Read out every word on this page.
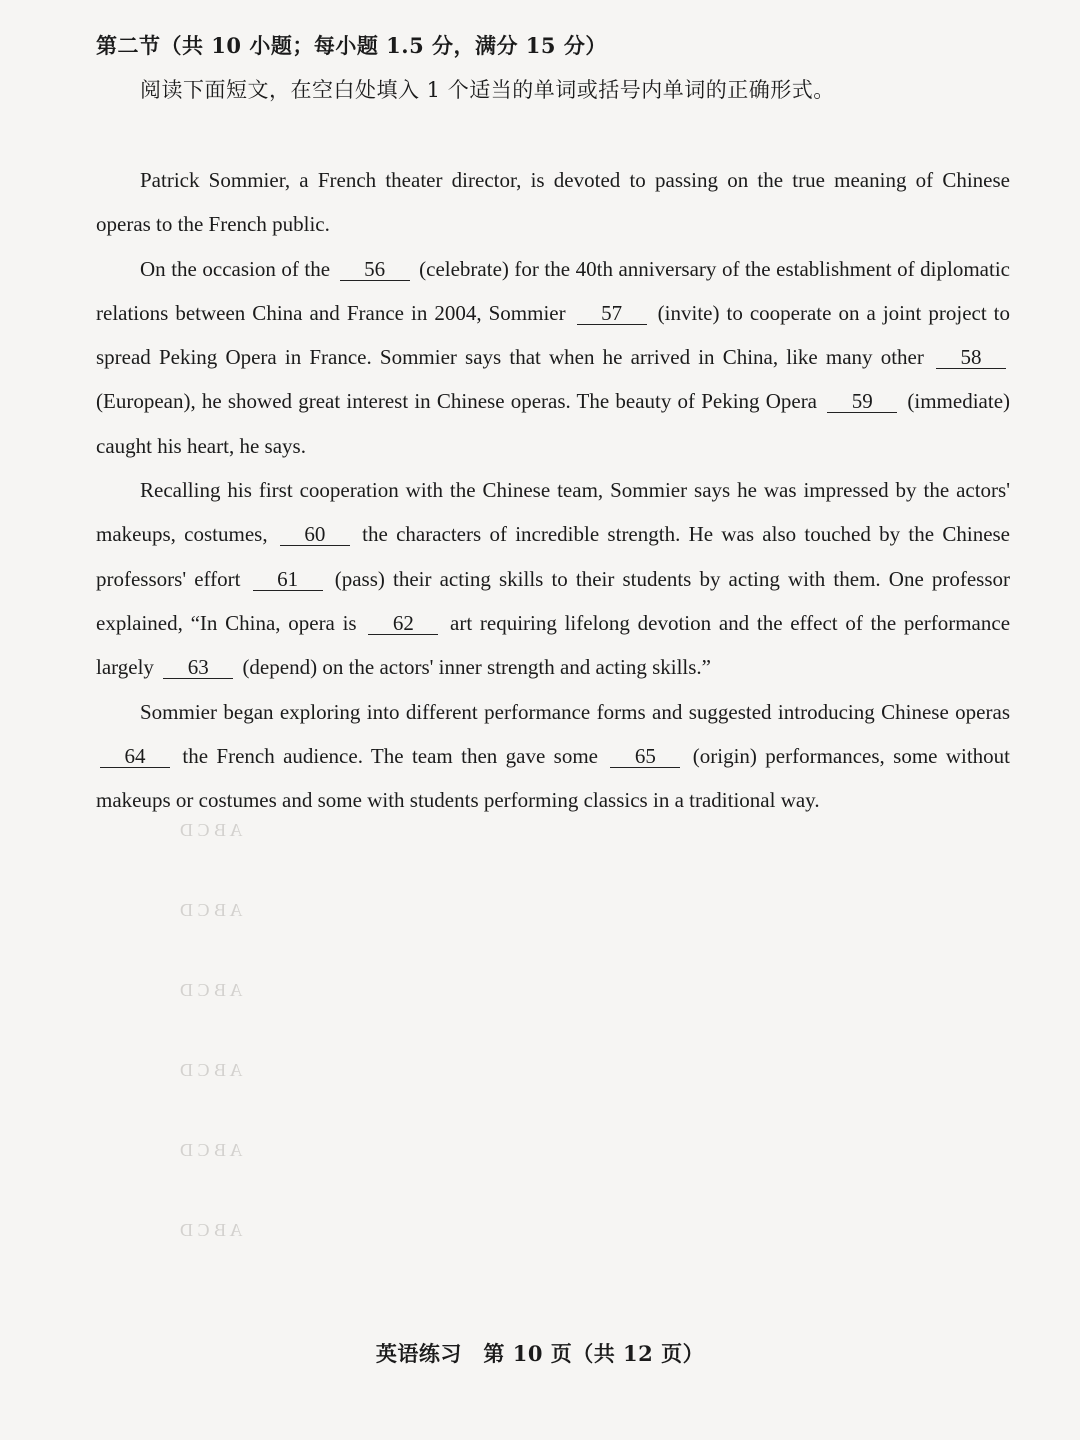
A B C D
A B C D
A B C D
A B C D
A B C D
A B C D
第二节（共 10 小题；每小题 1.5 分，满分 15 分）
阅读下面短文，在空白处填入 1 个适当的单词或括号内单词的正确形式。

Patrick Sommier, a French theater director, is devoted to passing on the true meaning of Chinese operas to the French public.

On the occasion of the 56 (celebrate) for the 40th anniversary of the establishment of diplomatic relations between China and France in 2004, Sommier 57 (invite) to cooperate on a joint project to spread Peking Opera in France. Sommier says that when he arrived in China, like many other 58 (European), he showed great interest in Chinese operas. The beauty of Peking Opera 59 (immediate) caught his heart, he says.

Recalling his first cooperation with the Chinese team, Sommier says he was impressed by the actors' makeups, costumes, 60 the characters of incredible strength. He was also touched by the Chinese professors' effort 61 (pass) their acting skills to their students by acting with them. One professor explained, “In China, opera is 62 art requiring lifelong devotion and the effect of the performance largely 63 (depend) on the actors' inner strength and acting skills.”

Sommier began exploring into different performance forms and suggested introducing Chinese operas 64 the French audience. The team then gave some 65 (origin) performances, some without makeups or costumes and some with students performing classics in a traditional way.

英语练习　第 10 页（共 12 页）
